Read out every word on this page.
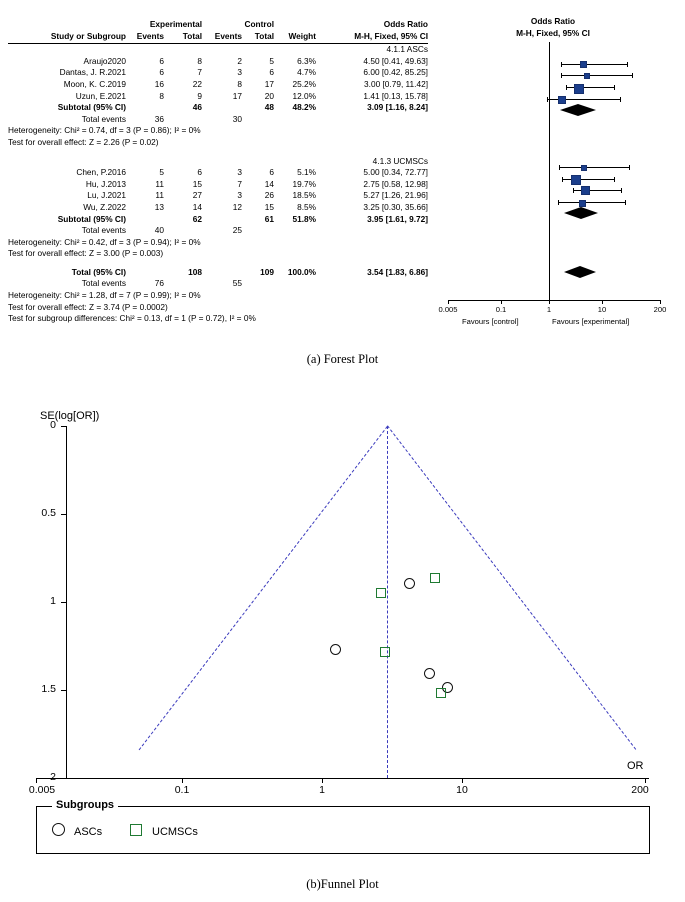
	Experimental		Control			Odds Ratio
Study or Subgroup	Events	Total	Events	Total	Weight	M-H, Fixed, 95% CI
4.1.1 ASCs						
Araujo2020	6	8	2	5	6.3%	4.50 [0.41, 49.63]
Dantas, J. R.2021	6	7	3	6	4.7%	6.00 [0.42, 85.25]
Moon, K. C.2019	16	22	8	17	25.2%	3.00 [0.79, 11.42]
Uzun, E.2021	8	9	17	20	12.0%	1.41 [0.13, 15.78]
Subtotal (95% CI)		46		48	48.2%	3.09 [1.16, 8.24]
Total events	36		30			
Heterogeneity: Chi² = 0.74, df = 3 (P = 0.86); I² = 0%						
Test for overall effect: Z = 2.26 (P = 0.02)						

4.1.3 UCMSCs						
Chen, P.2016	5	6	3	6	5.1%	5.00 [0.34, 72.77]
Hu, J.2013	11	15	7	14	19.7%	2.75 [0.58, 12.98]
Lu, J.2021	11	27	3	26	18.5%	5.27 [1.26, 21.96]
Wu, Z.2022	13	14	12	15	8.5%	3.25 [0.30, 35.66]
Subtotal (95% CI)		62		61	51.8%	3.95 [1.61, 9.72]
Total events	40		25			
Heterogeneity: Chi² = 0.42, df = 3 (P = 0.94); I² = 0%						
Test for overall effect: Z = 3.00 (P = 0.003)						

Total (95% CI)		108		109	100.0%	3.54 [1.83, 6.86]
Total events	76		55			
Heterogeneity: Chi² = 1.28, df = 7 (P = 0.99); I² = 0%						
Test for overall effect: Z = 3.74 (P = 0.0002)						
Test for subgroup differences: Chi² = 0.13, df = 1 (P = 0.72), I² = 0%						
Odds Ratio
M-H, Fixed, 95% CI
0.005	0.1	1	10	200
Favours [control]	Favours [experimental]
(a) Forest Plot
SE(log[OR])
0
0.5
1
1.5
2
0.005	0.1	1	10	200
OR
Subgroups
ASCs	UCMSCs
(b)Funnel Plot
